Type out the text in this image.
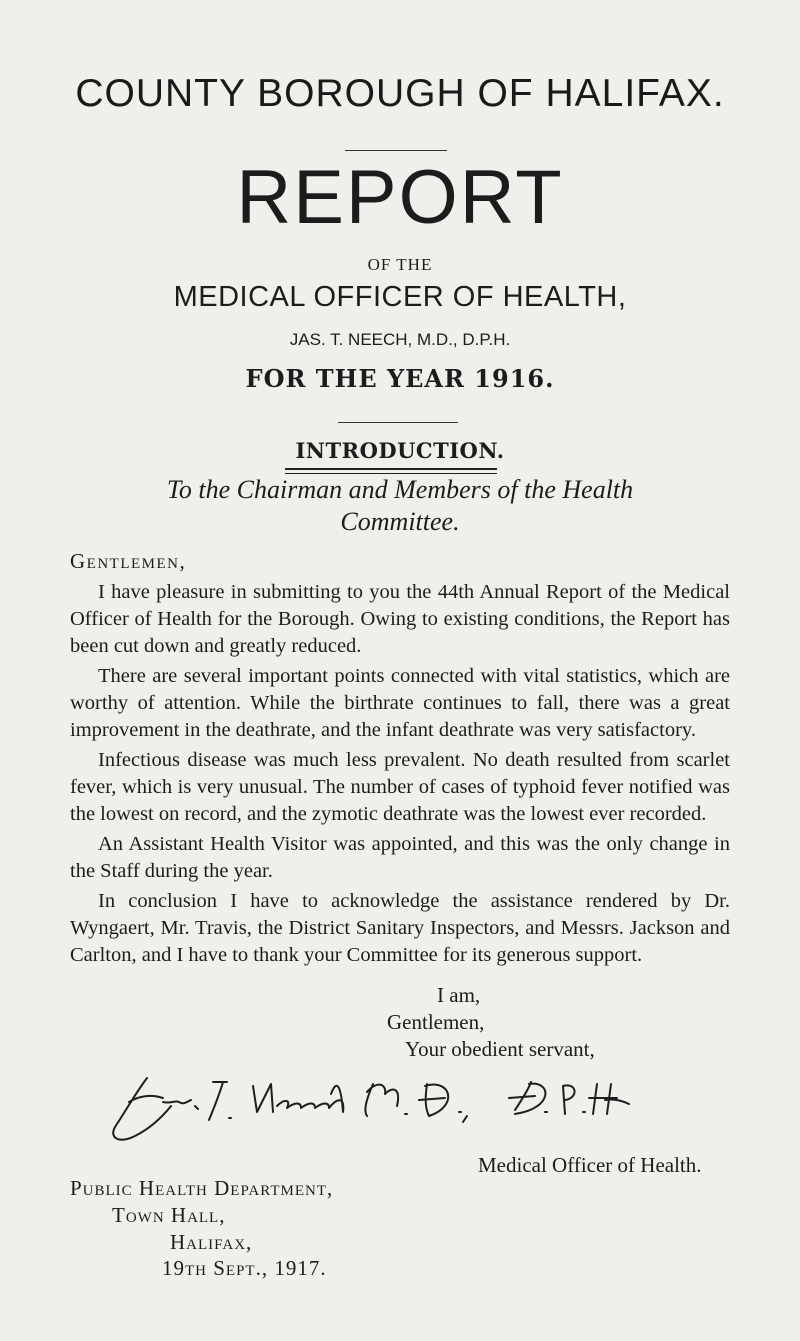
COUNTY BOROUGH OF HALIFAX.
REPORT
OF THE
MEDICAL OFFICER OF HEALTH,
JAS. T. NEECH, M.D., D.P.H.
FOR THE YEAR 1916.
INTRODUCTION.
To the Chairman and Members of the Health
Committee.
Gentlemen,

I have pleasure in submitting to you the 44th Annual Report of the Medical Officer of Health for the Borough. Owing to existing conditions, the Report has been cut down and greatly reduced.

There are several important points connected with vital statistics, which are worthy of attention. While the birthrate continues to fall, there was a great improvement in the deathrate, and the infant deathrate was very satisfactory.

Infectious disease was much less prevalent. No death resulted from scarlet fever, which is very unusual. The number of cases of typhoid fever notified was the lowest on record, and the zymotic deathrate was the lowest ever recorded.

An Assistant Health Visitor was appointed, and this was the only change in the Staff during the year.

In conclusion I have to acknowledge the assistance rendered by Dr. Wyngaert, Mr. Travis, the District Sanitary Inspectors, and Messrs. Jackson and Carlton, and I have to thank your Committee for its generous support.

I am,
Gentlemen,
Your obedient servant,
Medical Officer of Health.
Public Health Department,
Town Hall,
Halifax,
19th Sept., 1917.
